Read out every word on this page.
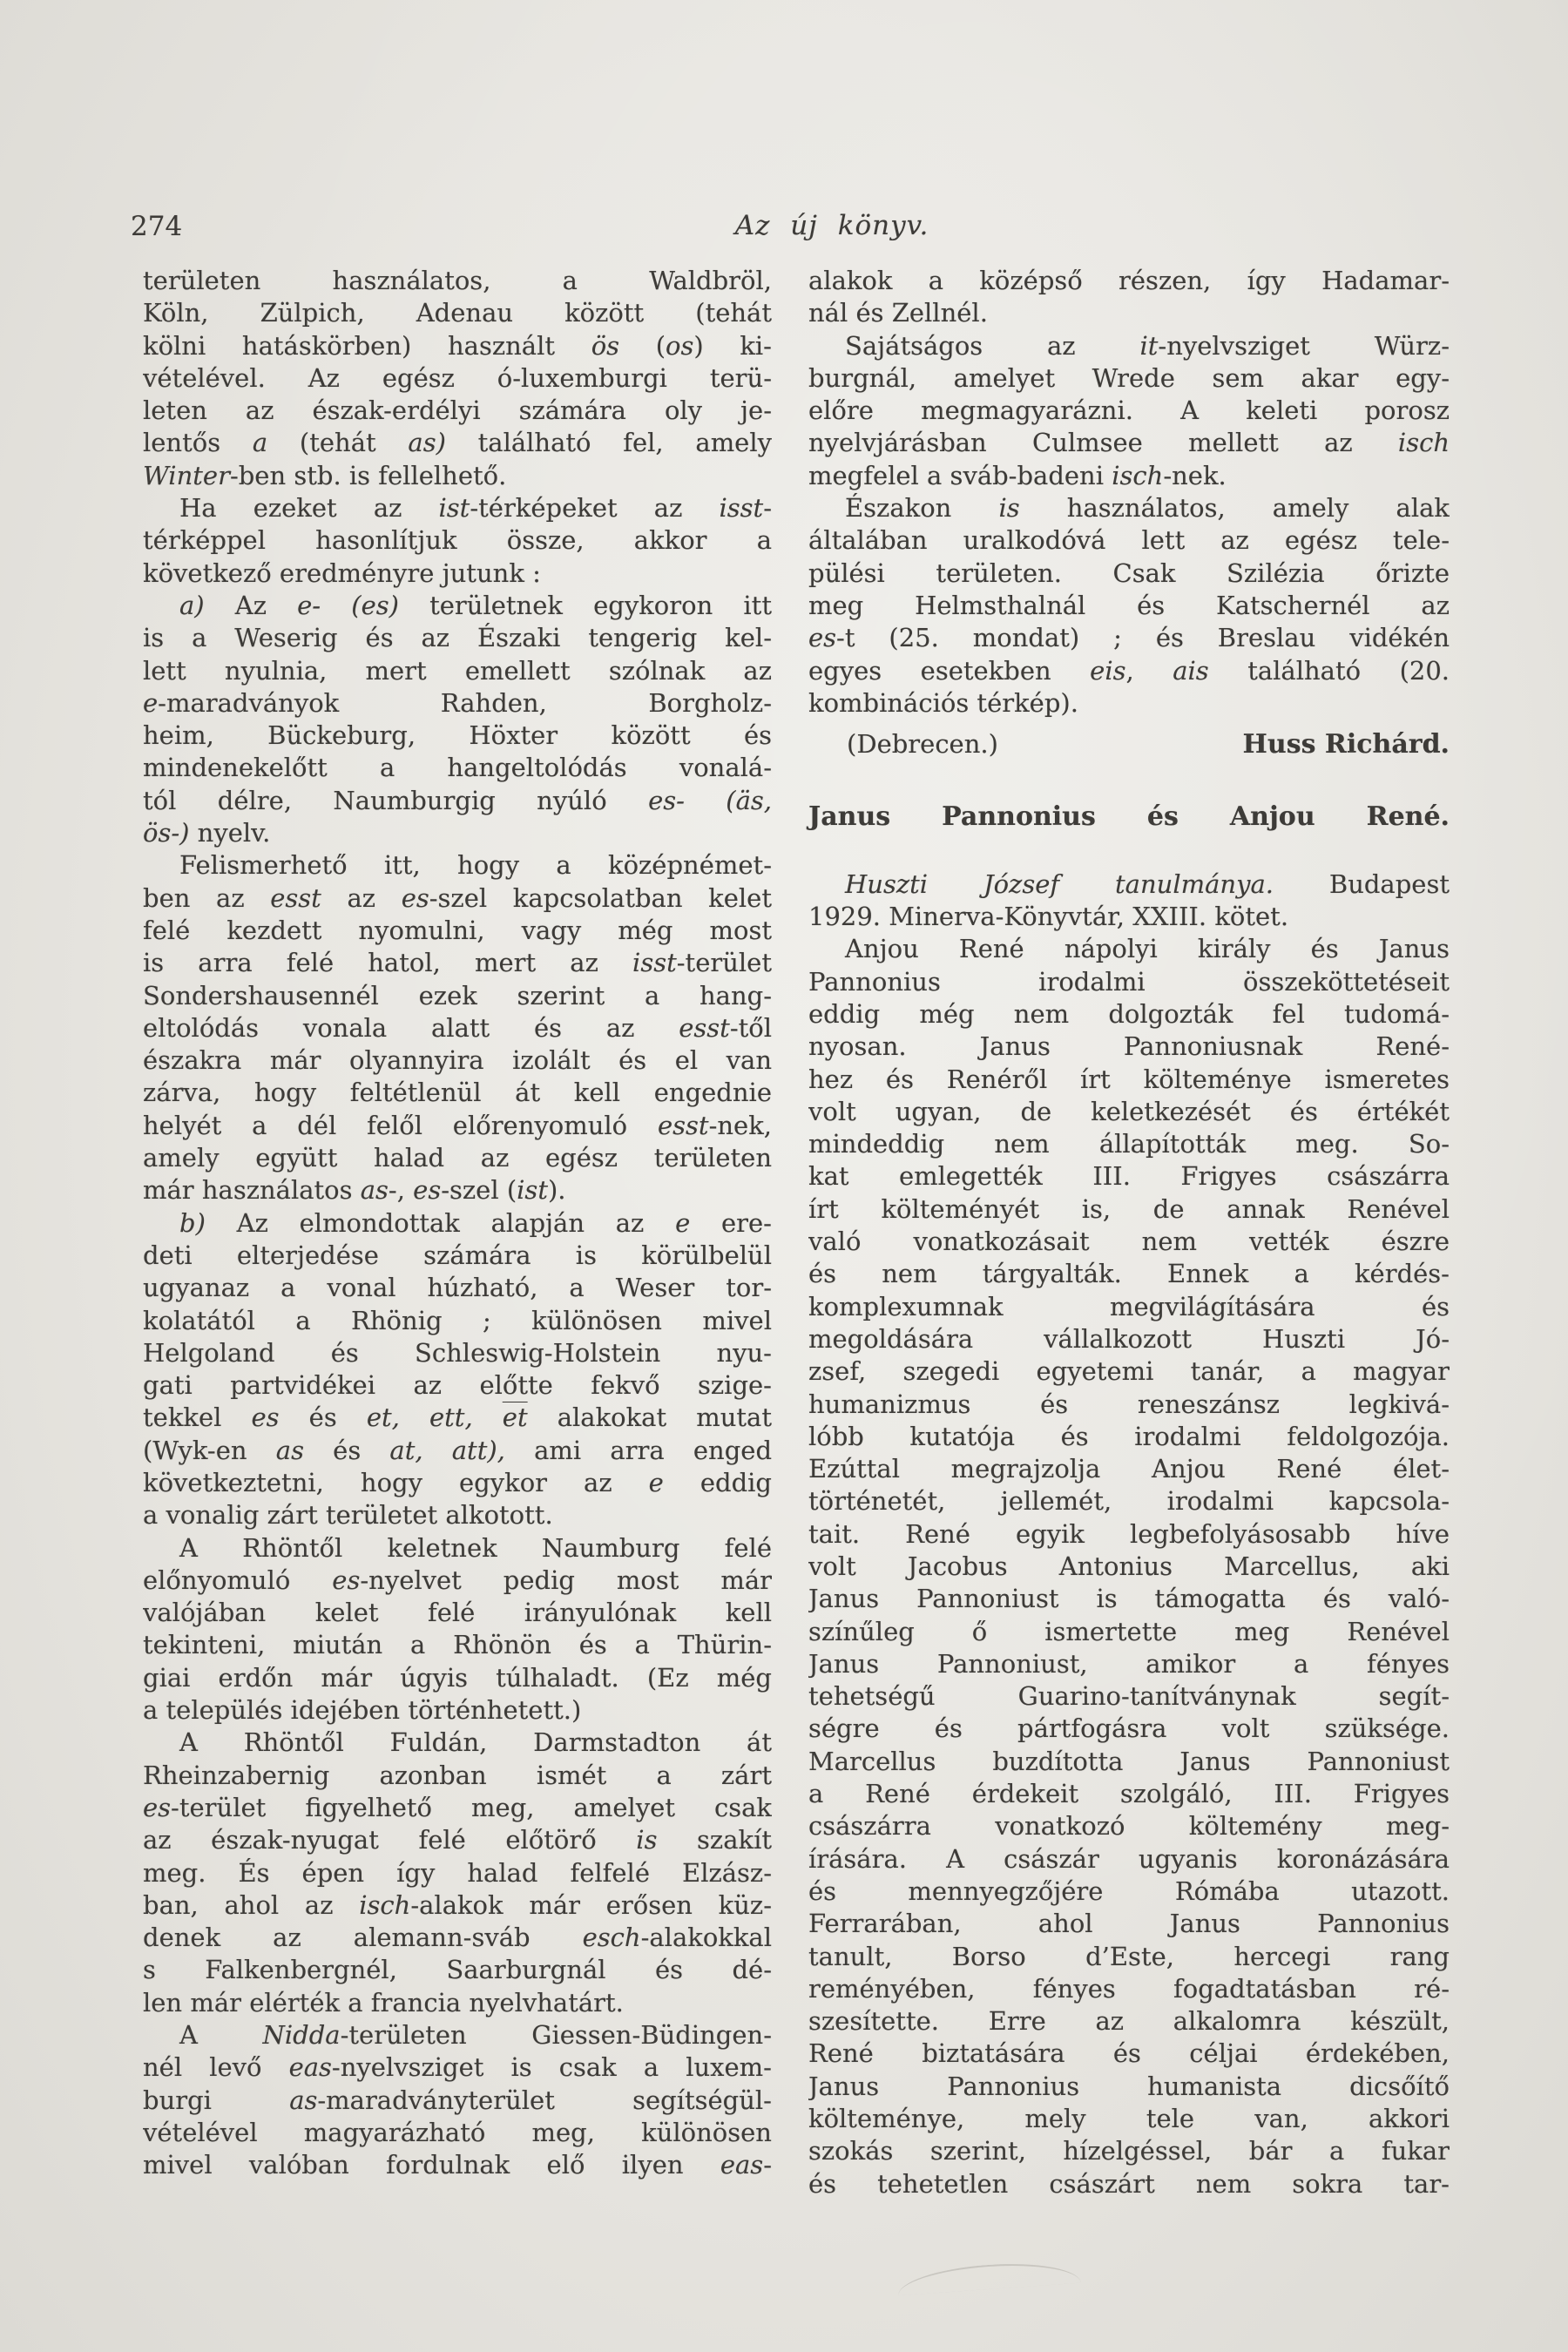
274	Az új könyv.
területen használatos, a Waldbröl,
Köln, Zülpich, Adenau között (tehát
kölni hatáskörben) használt ös (os) ki-
vételével. Az egész ó-luxemburgi terü-
leten az észak-erdélyi számára oly je-
lentős a (tehát as) található fel, amely
Winter-ben stb. is fellelhető.
Ha ezeket az ist-térképeket az isst-
térképpel hasonlítjuk össze, akkor a
következő eredményre jutunk :
a) Az e- (es) területnek egykoron itt
is a Weserig és az Északi tengerig kel-
lett nyulnia, mert emellett szólnak az
e-maradványok Rahden, Borgholz-
heim, Bückeburg, Höxter között és
mindenekelőtt a hangeltolódás vonalá-
tól délre, Naumburgig nyúló es- (äs,
ös-) nyelv.
Felismerhető itt, hogy a középnémet-
ben az esst az es-szel kapcsolatban kelet
felé kezdett nyomulni, vagy még most
is arra felé hatol, mert az isst-terület
Sondershausennél ezek szerint a hang-
eltolódás vonala alatt és az esst-től
északra már olyannyira izolált és el van
zárva, hogy feltétlenül át kell engednie
helyét a dél felől előrenyomuló esst-nek,
amely együtt halad az egész területen
már használatos as-, es-szel (ist).
b) Az elmondottak alapján az e ere-
deti elterjedése számára is körülbelül
ugyanaz a vonal húzható, a Weser tor-
kolatától a Rhönig ; különösen mivel
Helgoland és Schleswig-Holstein nyu-
gati partvidékei az előtte fekvő szige-
tekkel es és et, ett, $\overline{et}$ alakokat mutat
(Wyk-en as és at, att), ami arra enged
következtetni, hogy egykor az e eddig
a vonalig zárt területet alkotott.
A Rhöntől keletnek Naumburg felé
előnyomuló es-nyelvet pedig most már
valójában kelet felé irányulónak kell
tekinteni, miután a Rhönön és a Thürin-
giai erdőn már úgyis túlhaladt. (Ez még
a település idejében történhetett.)
A Rhöntől Fuldán, Darmstadton át
Rheinzabernig azonban ismét a zárt
es-terület figyelhető meg, amelyet csak
az észak-nyugat felé előtörő is szakít
meg. És épen így halad felfelé Elzász-
ban, ahol az isch-alakok már erősen küz-
denek az alemann-sváb esch-alakokkal
s Falkenbergnél, Saarburgnál és dé-
len már elérték a francia nyelvhatárt.
A Nidda-területen Giessen-Büdingen-
nél levő eas-nyelvsziget is csak a luxem-
burgi as-maradványterület segítségül-
vételével magyarázható meg, különösen
mivel valóban fordulnak elő ilyen eas-
alakok a középső részen, így Hadamar-
nál és Zellnél.
Sajátságos az it-nyelvsziget Würz-
burgnál, amelyet Wrede sem akar egy-
előre megmagyarázni. A keleti porosz
nyelvjárásban Culmsee mellett az isch
megfelel a sváb-badeni isch-nek.
Északon is használatos, amely alak
általában uralkodóvá lett az egész tele-
pülési területen. Csak Szilézia őrizte
meg Helmsthalnál és Katschernél az
es-t (25. mondat) ; és Breslau vidékén
egyes esetekben eis, ais található (20.
kombinációs térkép).
(Debrecen.)	Huss Richárd.
Janus Pannonius és Anjou René.
Huszti József tanulmánya. Budapest
1929. Minerva-Könyvtár, XXIII. kötet.
Anjou René nápolyi király és Janus
Pannonius irodalmi összeköttetéseit
eddig még nem dolgozták fel tudomá-
nyosan. Janus Pannoniusnak René-
hez és Renéről írt költeménye ismeretes
volt ugyan, de keletkezését és értékét
mindeddig nem állapították meg. So-
kat emlegették III. Frigyes császárra
írt költeményét is, de annak Renével
való vonatkozásait nem vették észre
és nem tárgyalták. Ennek a kérdés-
komplexumnak megvilágítására és
megoldására vállalkozott Huszti Jó-
zsef, szegedi egyetemi tanár, a magyar
humanizmus és reneszánsz legkivá-
lóbb kutatója és irodalmi feldolgozója.
Ezúttal megrajzolja Anjou René élet-
történetét, jellemét, irodalmi kapcsola-
tait. René egyik legbefolyásosabb híve
volt Jacobus Antonius Marcellus, aki
Janus Pannoniust is támogatta és való-
színűleg ő ismertette meg Renével
Janus Pannoniust, amikor a fényes
tehetségű Guarino-tanítványnak segít-
ségre és pártfogásra volt szüksége.
Marcellus buzdította Janus Pannoniust
a René érdekeit szolgáló, III. Frigyes
császárra vonatkozó költemény meg-
írására. A császár ugyanis koronázására
és mennyegzőjére Rómába utazott.
Ferrarában, ahol Janus Pannonius
tanult, Borso d’Este, hercegi rang
reményében, fényes fogadtatásban ré-
szesítette. Erre az alkalomra készült,
René biztatására és céljai érdekében,
Janus Pannonius humanista dicsőítő
költeménye, mely tele van, akkori
szokás szerint, hízelgéssel, bár a fukar
és tehetetlen császárt nem sokra tar-
